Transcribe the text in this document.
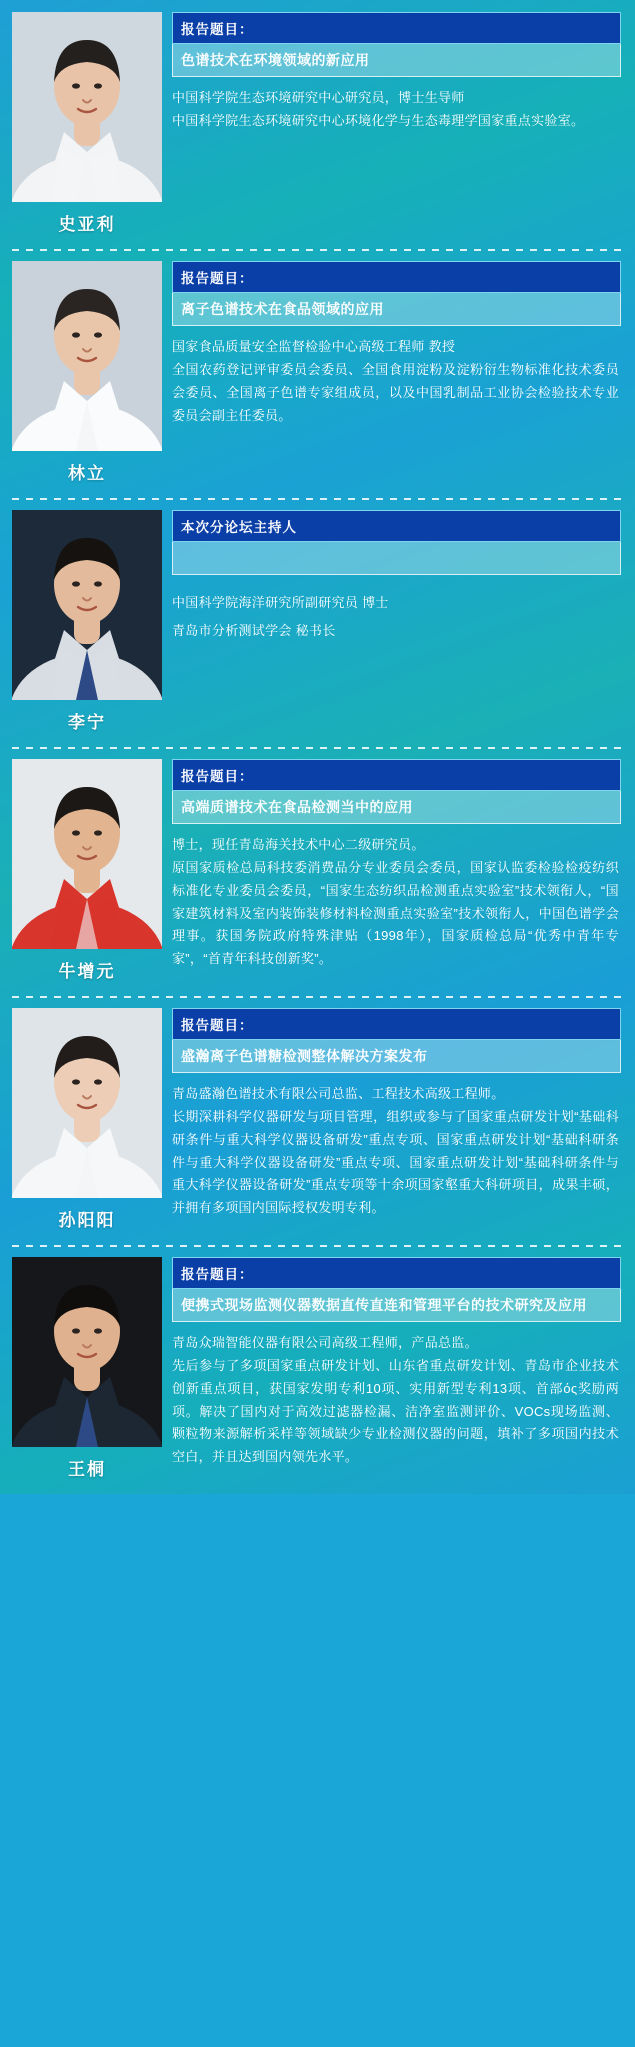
史亚利
报告题目：
色谱技术在环境领域的新应用

中国科学院生态环境研究中心研究员，博士生导师

中国科学院生态环境研究中心环境化学与生态毒理学国家重点实验室。

林立
报告题目：
离子色谱技术在食品领域的应用

国家食品质量安全监督检验中心高级工程师 教授

全国农药登记评审委员会委员、全国食用淀粉及淀粉衍生物标准化技术委员会委员、全国离子色谱专家组成员，以及中国乳制品工业协会检验技术专业委员会副主任委员。

李宁
本次分论坛主持人

中国科学院海洋研究所副研究员 博士

青岛市分析测试学会 秘书长

牛增元
报告题目：
高端质谱技术在食品检测当中的应用

博士，现任青岛海关技术中心二级研究员。

原国家质检总局科技委消费品分专业委员会委员，国家认监委检验检疫纺织标准化专业委员会委员，“国家生态纺织品检测重点实验室”技术领衔人，“国家建筑材料及室内装饰装修材料检测重点实验室”技术领衔人，中国色谱学会理事。获国务院政府特殊津贴（1998年），国家质检总局“优秀中青年专家”，“首青年科技创新奖”。

孙阳阳
报告题目：
盛瀚离子色谱糖检测整体解决方案发布

青岛盛瀚色谱技术有限公司总监、工程技术高级工程师。

长期深耕科学仪器研发与项目管理，组织或参与了国家重点研发计划“基础科研条件与重大科学仪器设备研发”重点专项、国家重点研发计划“基础科研条件与重大科学仪器设备研发”重点专项、国家重点研发计划“基础科研条件与重大科学仪器设备研发”重点专项等十余项国家壑重大科研项目，成果丰硕，并拥有多项国内国际授权发明专利。

王桐
报告题目：
便携式现场监测仪器数据直传直连和管理平台的技术研究及应用

青岛众瑞智能仪器有限公司高级工程师，产品总监。

先后参与了多项国家重点研发计划、山东省重点研发计划、青岛市企业技术创新重点项目，获国家发明专利10项、实用新型专利13项、首部ός奖励两项。解决了国内对于高效过滤器检漏、洁净室监测评价、VOCs现场监测、颗粒物来源解析采样等领域缺少专业检测仪器的问题，填补了多项国内技术空白，并且达到国内领先水平。
